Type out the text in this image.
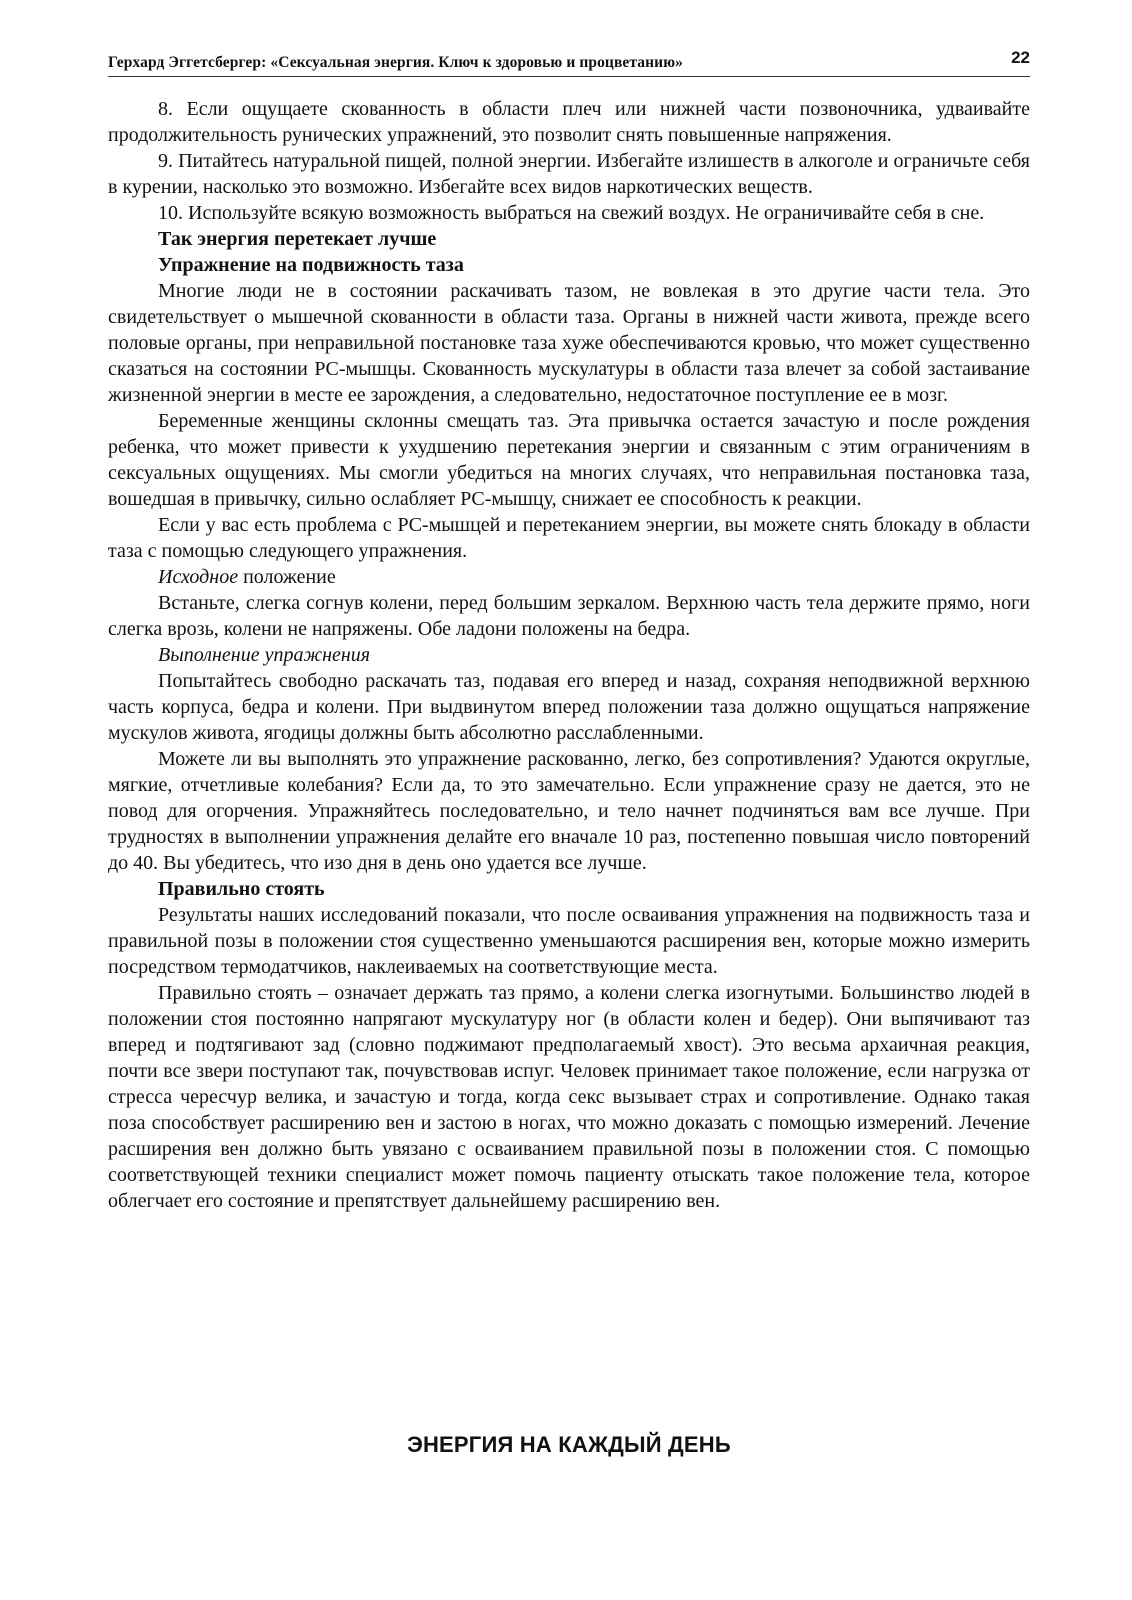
Герхард Эггетсбергер: «Сексуальная энергия. Ключ к здоровью и процветанию»	22

8. Если ощущаете скованность в области плеч или нижней части позвоночника, удваивайте продолжительность рунических упражнений, это позволит снять повышенные напряжения.

9. Питайтесь натуральной пищей, полной энергии. Избегайте излишеств в алкоголе и ограничьте себя в курении, насколько это возможно. Избегайте всех видов наркотических веществ.

10. Используйте всякую возможность выбраться на свежий воздух. Не ограничивайте себя в сне.

Так энергия перетекает лучше

Упражнение на подвижность таза

Многие люди не в состоянии раскачивать тазом, не вовлекая в это другие части тела. Это свидетельствует о мышечной скованности в области таза. Органы в нижней части живота, прежде всего половые органы, при неправильной постановке таза хуже обеспечиваются кровью, что может существенно сказаться на состоянии PC-мышцы. Скованность мускулатуры в области таза влечет за собой застаивание жизненной энергии в месте ее зарождения, а следовательно, недостаточное поступление ее в мозг.

Беременные женщины склонны смещать таз. Эта привычка остается зачастую и после рождения ребенка, что может привести к ухудшению перетекания энергии и связанным с этим ограничениям в сексуальных ощущениях. Мы смогли убедиться на многих случаях, что неправильная постановка таза, вошедшая в привычку, сильно ослабляет PC-мышцу, снижает ее способность к реакции.

Если у вас есть проблема с PC-мышцей и перетеканием энергии, вы можете снять блокаду в области таза с помощью следующего упражнения.

Исходное положение

Встаньте, слегка согнув колени, перед большим зеркалом. Верхнюю часть тела держите прямо, ноги слегка врозь, колени не напряжены. Обе ладони положены на бедра.

Выполнение упражнения

Попытайтесь свободно раскачать таз, подавая его вперед и назад, сохраняя неподвижной верхнюю часть корпуса, бедра и колени. При выдвинутом вперед положении таза должно ощущаться напряжение мускулов живота, ягодицы должны быть абсолютно расслабленными.

Можете ли вы выполнять это упражнение раскованно, легко, без сопротивления? Удаются округлые, мягкие, отчетливые колебания? Если да, то это замечательно. Если упражнение сразу не дается, это не повод для огорчения. Упражняйтесь последовательно, и тело начнет подчиняться вам все лучше. При трудностях в выполнении упражнения делайте его вначале 10 раз, постепенно повышая число повторений до 40. Вы убедитесь, что изо дня в день оно удается все лучше.

Правильно стоять

Результаты наших исследований показали, что после осваивания упражнения на подвижность таза и правильной позы в положении стоя существенно уменьшаются расширения вен, которые можно измерить посредством термодатчиков, наклеиваемых на соответствующие места.

Правильно стоять – означает держать таз прямо, а колени слегка изогнутыми. Большинство людей в положении стоя постоянно напрягают мускулатуру ног (в области колен и бедер). Они выпячивают таз вперед и подтягивают зад (словно поджимают предполагаемый хвост). Это весьма архаичная реакция, почти все звери поступают так, почувствовав испуг. Человек принимает такое положение, если нагрузка от стресса чересчур велика, и зачастую и тогда, когда секс вызывает страх и сопротивление. Однако такая поза способствует расширению вен и застою в ногах, что можно доказать с помощью измерений. Лечение расширения вен должно быть увязано с осваиванием правильной позы в положении стоя. С помощью соответствующей техники специалист может помочь пациенту отыскать такое положение тела, которое облегчает его состояние и препятствует дальнейшему расширению вен.

ЭНЕРГИЯ НА КАЖДЫЙ ДЕНЬ
